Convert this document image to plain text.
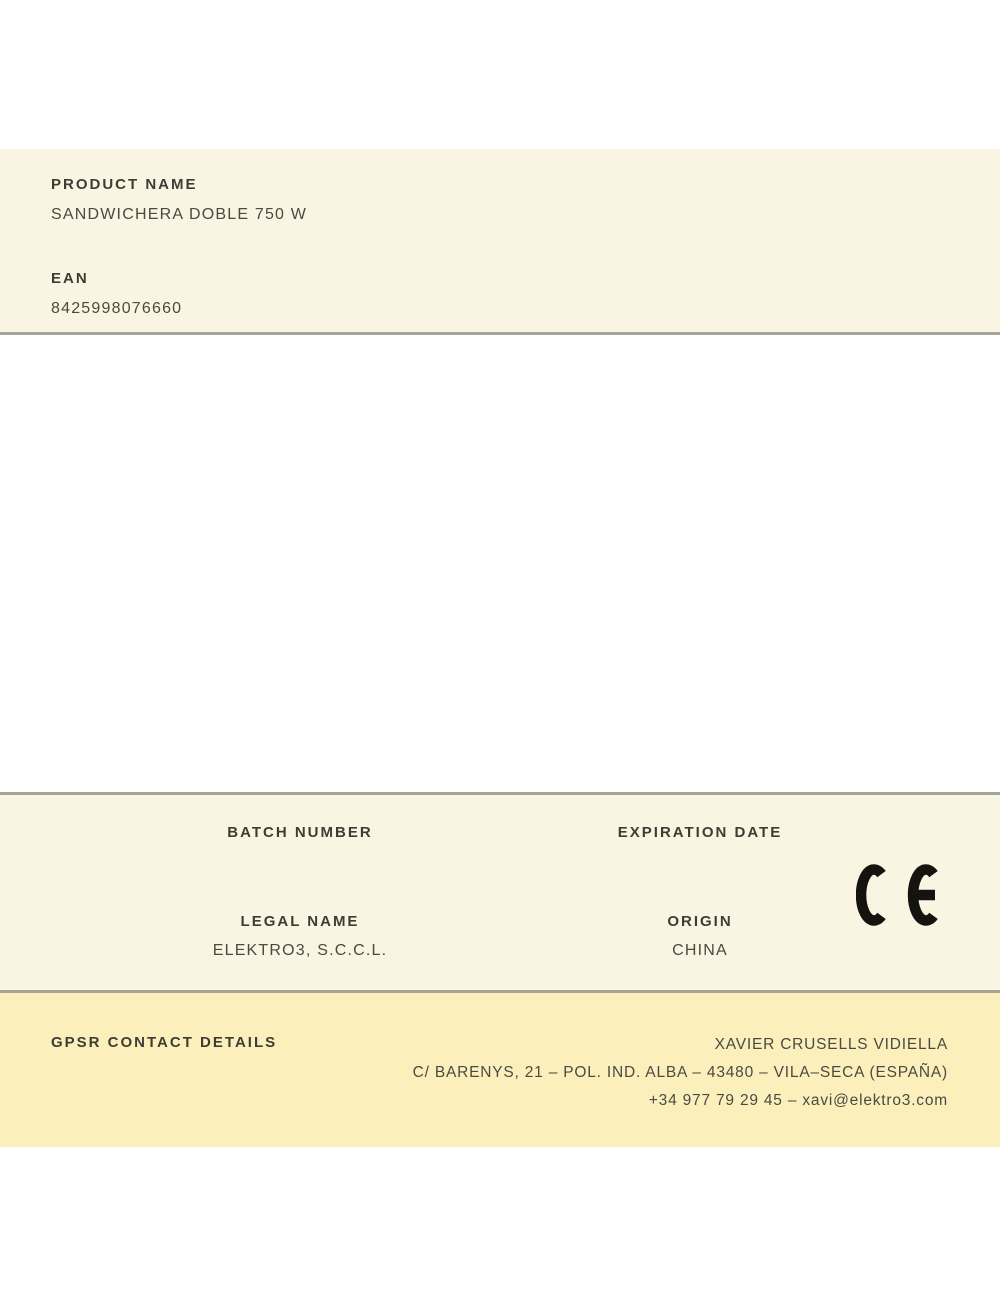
PRODUCT NAME
SANDWICHERA DOBLE 750 W
EAN
8425998076660
BATCH NUMBER	EXPIRATION DATE
LEGAL NAME
ELEKTRO3, S.C.C.L.
ORIGIN
CHINA
GPSR CONTACT DETAILS	XAVIER CRUSELLS VIDIELLA
C/ BARENYS, 21 – POL. IND. ALBA – 43480 – VILA–SECA (ESPAÑA)
+34 977 79 29 45 – xavi@elektro3.com
